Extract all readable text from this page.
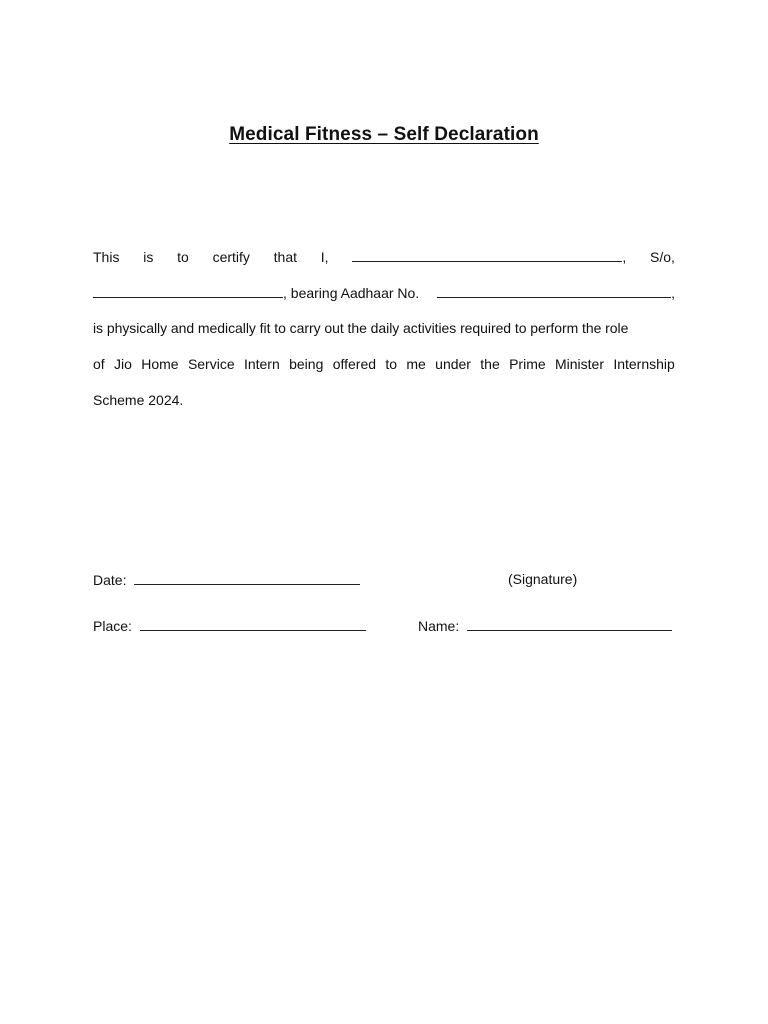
Medical Fitness – Self Declaration
This is to certify that I,	, S/o,
, bearing Aadhaar No.	,
is physically and medically fit to carry out the daily activities required to perform the role
of Jio Home Service Intern being offered to me under the Prime Minister Internship
Scheme 2024.
Date:	(Signature)
Place:	Name:
